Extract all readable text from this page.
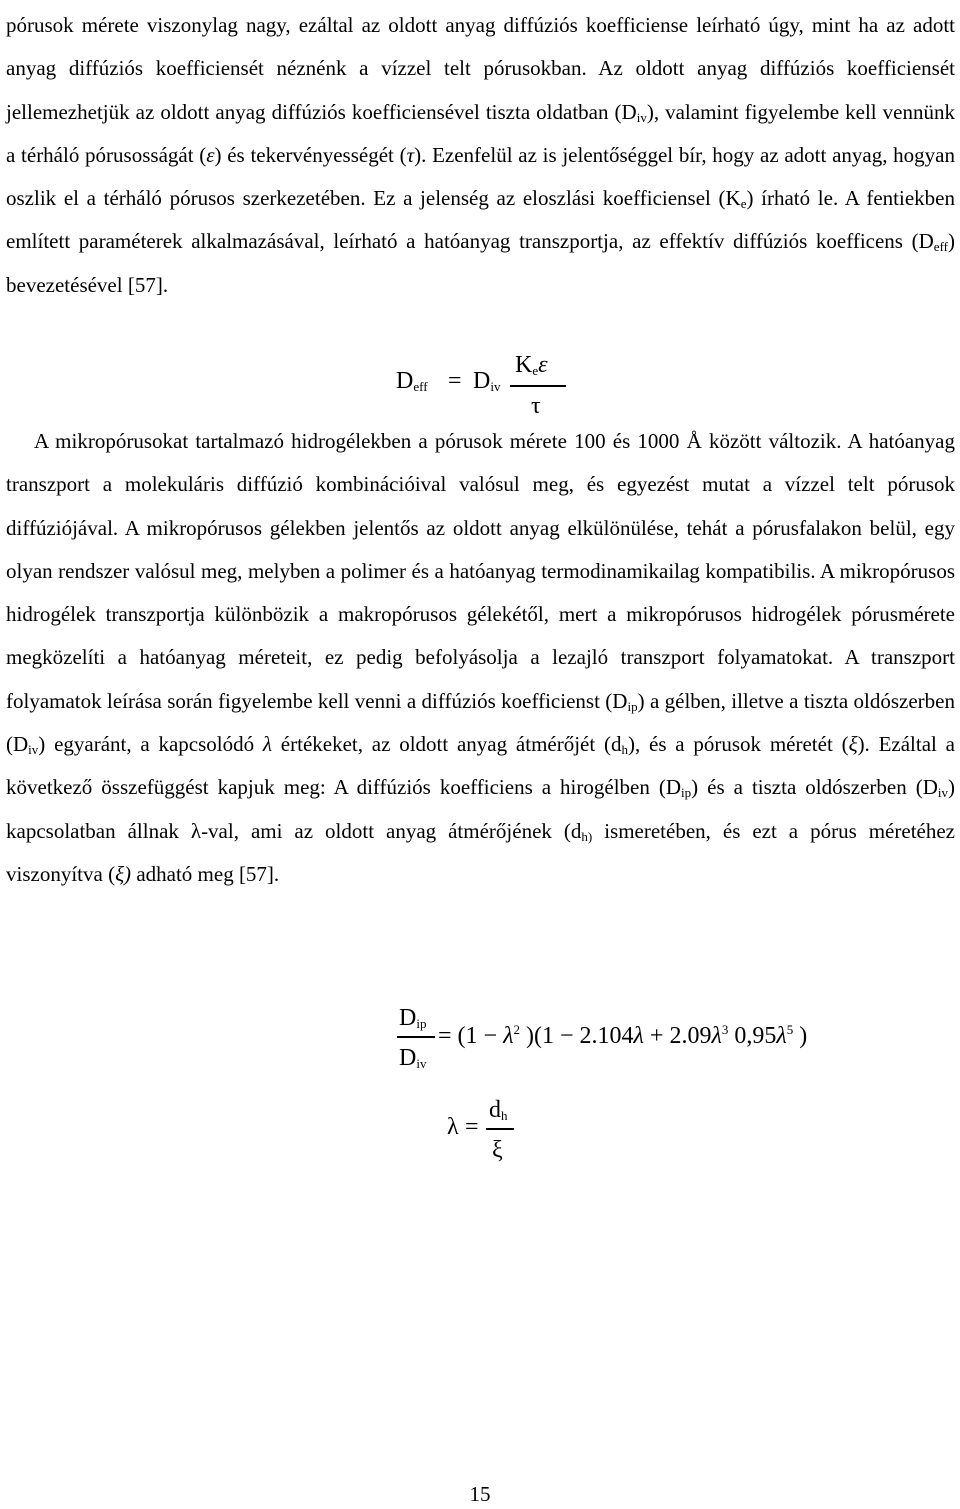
pórusok mérete viszonylag nagy, ezáltal az oldott anyag diffúziós koefficiense leírható úgy, mint ha az adott anyag diffúziós koefficiensét néznénk a vízzel telt pórusokban. Az oldott anyag diffúziós koefficiensét jellemezhetjük az oldott anyag diffúziós koefficiensével tiszta oldatban $(D_{iv})$, valamint figyelembe kell vennünk a térháló pórusosságát (ε) és tekervényességét (τ). Ezenfelül az is jelentőséggel bír, hogy az adott anyag, hogyan oszlik el a térháló pórusos szerkezetében. Ez a jelenség az eloszlási koefficiensel $(K_e)$ írható le. A fentiekben említett paraméterek alkalmazásával, leírható a hatóanyag transzportja, az effektív diffúziós koefficens $(D_{eff})$ bevezetésével [57].

$D_{eff} = D_{iv}$
$K_e\varepsilon$
τ

A mikropórusokat tartalmazó hidrogélekben a pórusok mérete 100 és 1000 Å között változik. A hatóanyag transzport a molekuláris diffúzió kombinációival valósul meg, és egyezést mutat a vízzel telt pórusok diffúziójával. A mikropórusos gélekben jelentős az oldott anyag elkülönülése, tehát a pórusfalakon belül, egy olyan rendszer valósul meg, melyben a polimer és a hatóanyag termodinamikailag kompatibilis. A mikropórusos hidrogélek transzportja különbözik a makropórusos gélekétől, mert a mikropórusos hidrogélek pórusmérete megközelíti a hatóanyag méreteit, ez pedig befolyásolja a lezajló transzport folyamatokat. A transzport folyamatok leírása során figyelembe kell venni a diffúziós koefficienst $(D_{ip})$ a gélben, illetve a tiszta oldószerben $(D_{iv})$ egyaránt, a kapcsolódó λ értékeket, az oldott anyag átmérőjét $(d_h)$, és a pórusok méretét (ξ). Ezáltal a következő összefüggést kapjuk meg: A diffúziós koefficiens a hirogélben $(D_{ip})$ és a tiszta oldószerben $(D_{iv})$ kapcsolatban állnak λ-val, ami az oldott anyag átmérőjének ($d_{h)}$ ismeretében, és ezt a pórus méretéhez viszonyítva (ξ) adható meg [57].

$D_{ip}$
$D_{iv}$
= ($1 - \lambda^2$ )($1 - 2.104\lambda + 2.09\lambda^3$ $0,95\lambda^5$ )
λ =
$d_h$
ξ
15
